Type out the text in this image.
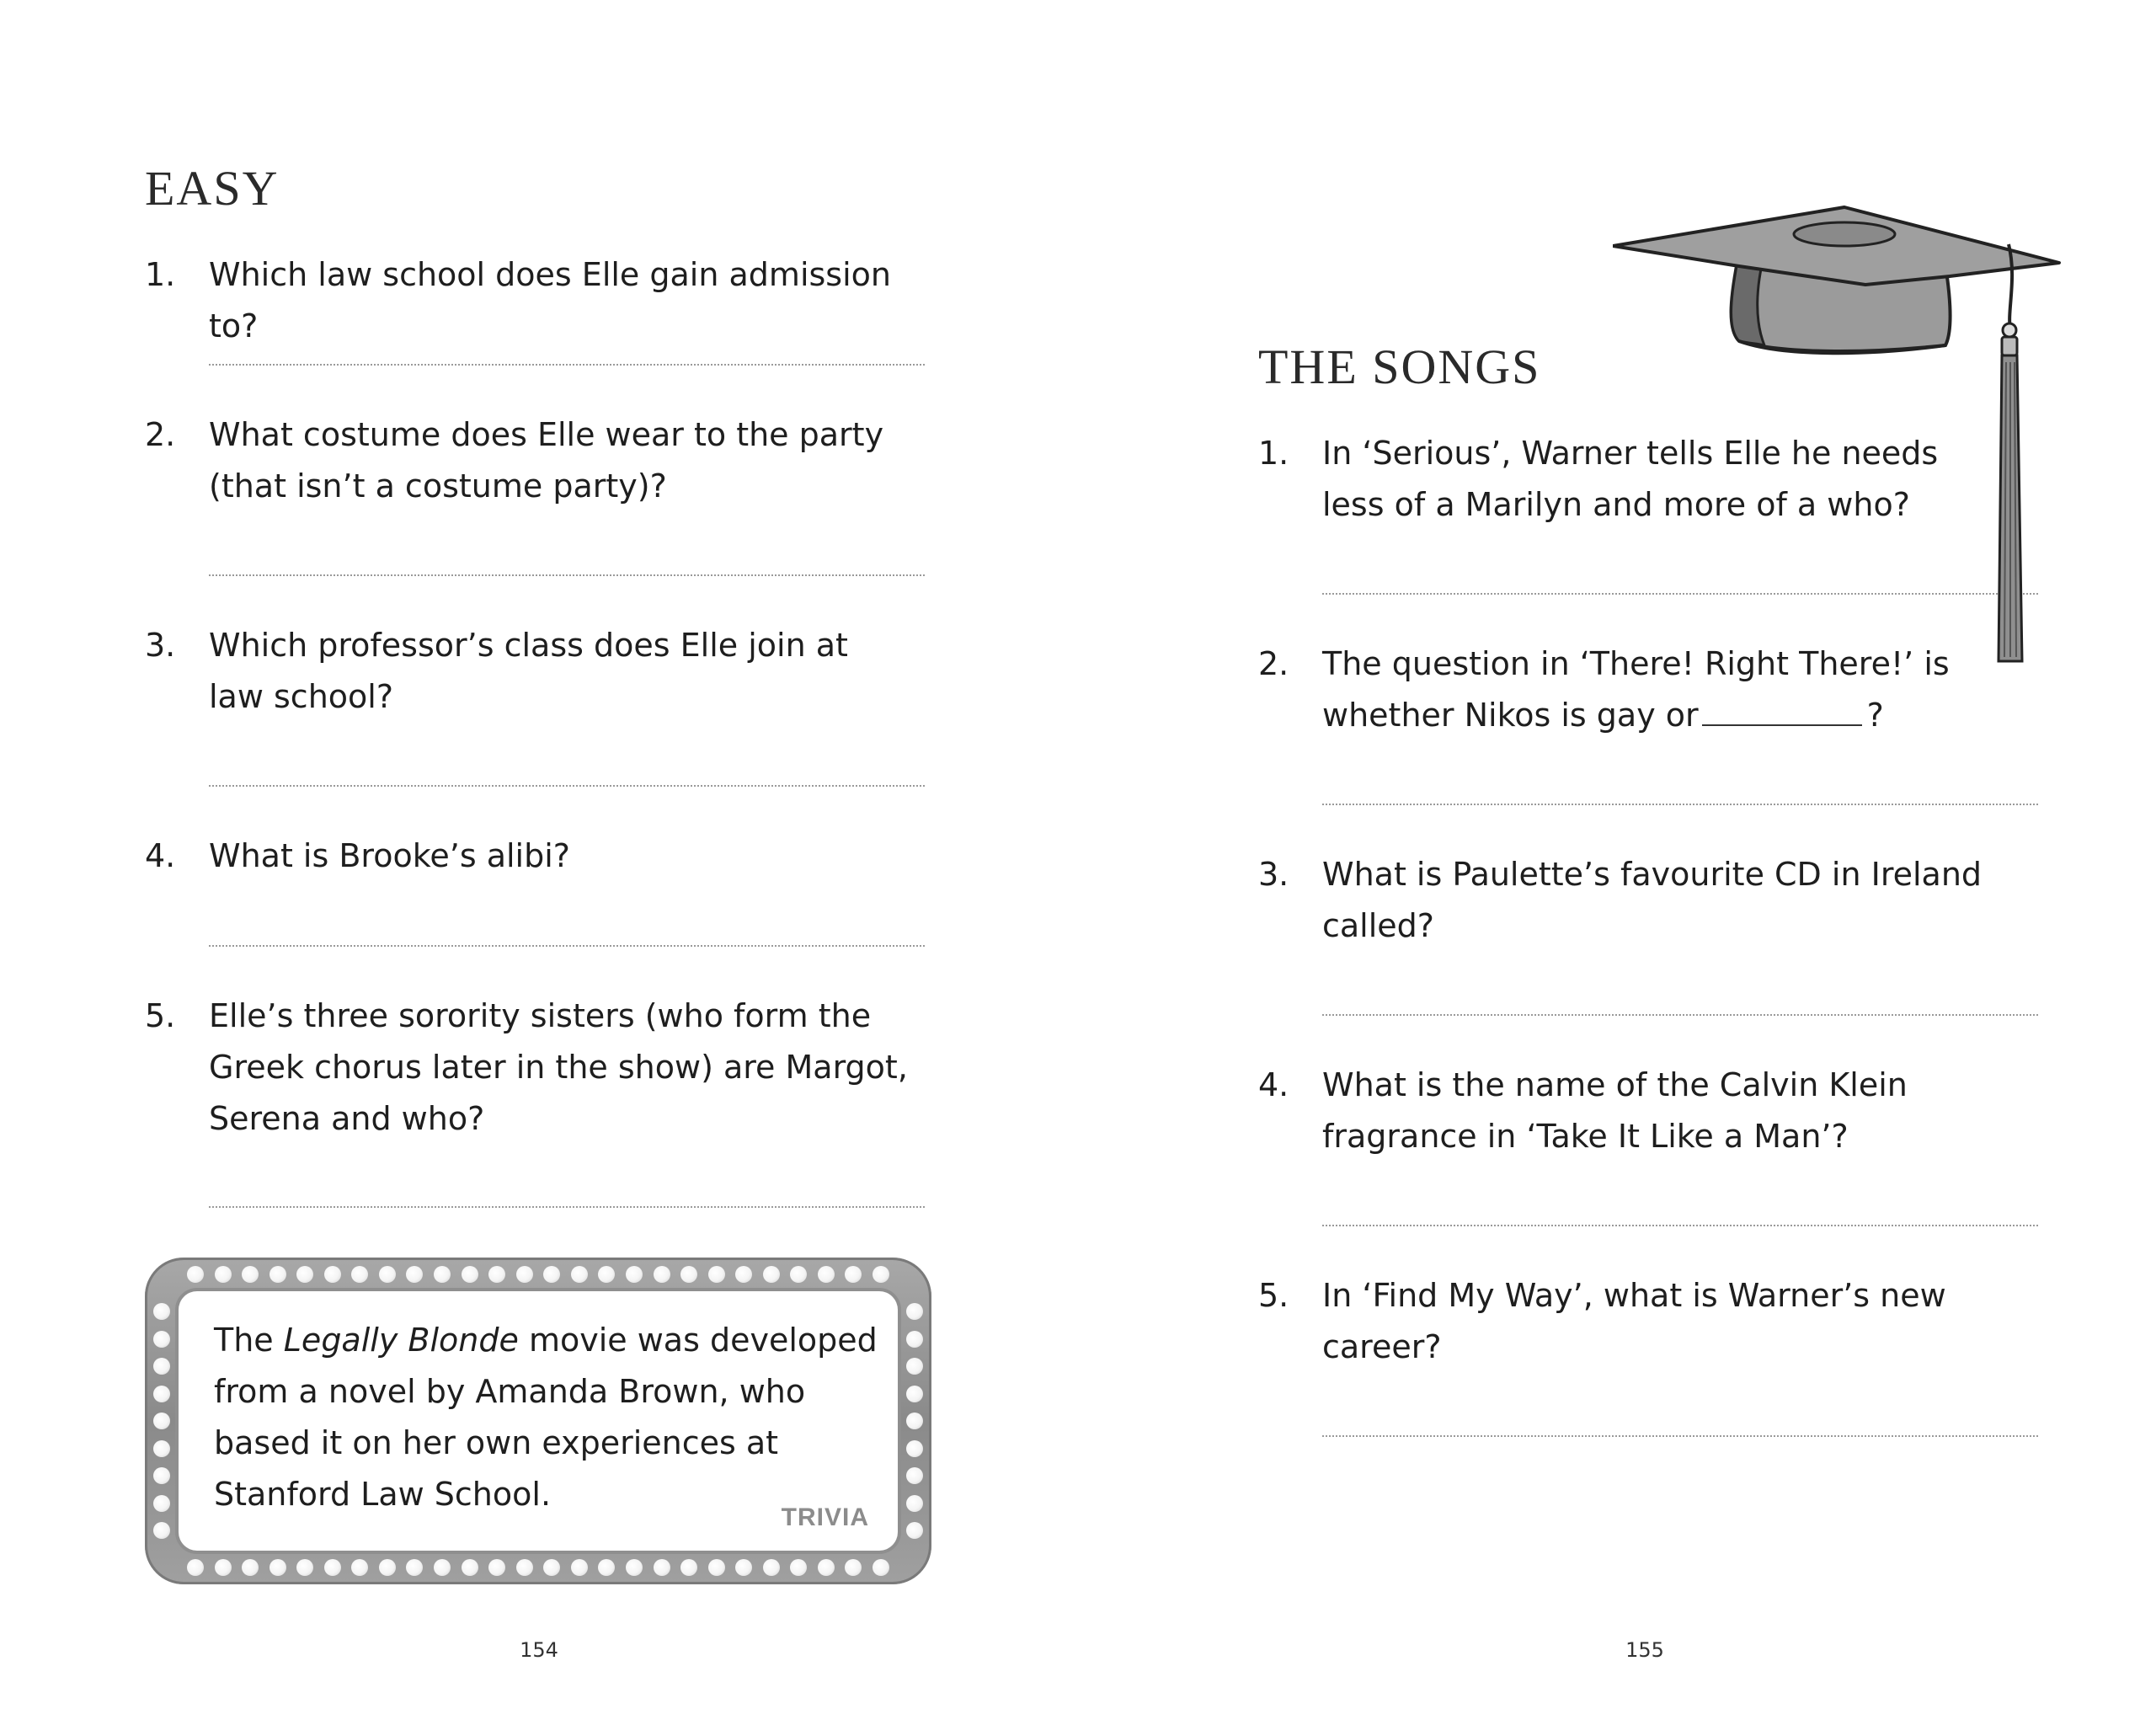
EASY
1.	Which law school does Elle gain admission to?
2.	What costume does Elle wear to the party
(that isn’t a costume party)?
3.	Which professor’s class does Elle join at
law school?
4.	What is Brooke’s alibi?
5.	Elle’s three sorority sisters (who form the
Greek chorus later in the show) are Margot,
Serena and who?
The Legally Blonde movie was developed
from a novel by Amanda Brown, who
based it on her own experiences at
Stanford Law School.
TRIVIA
154
THE SONGS
1.	In ‘Serious’, Warner tells Elle he needs
less of a Marilyn and more of a who?
2.	The question in ‘There! Right There!’ is
whether Nikos is gay or	?
3.	What is Paulette’s favourite CD in Ireland
called?
4.	What is the name of the Calvin Klein
fragrance in ‘Take It Like a Man’?
5.	In ‘Find My Way’, what is Warner’s new
career?
155
